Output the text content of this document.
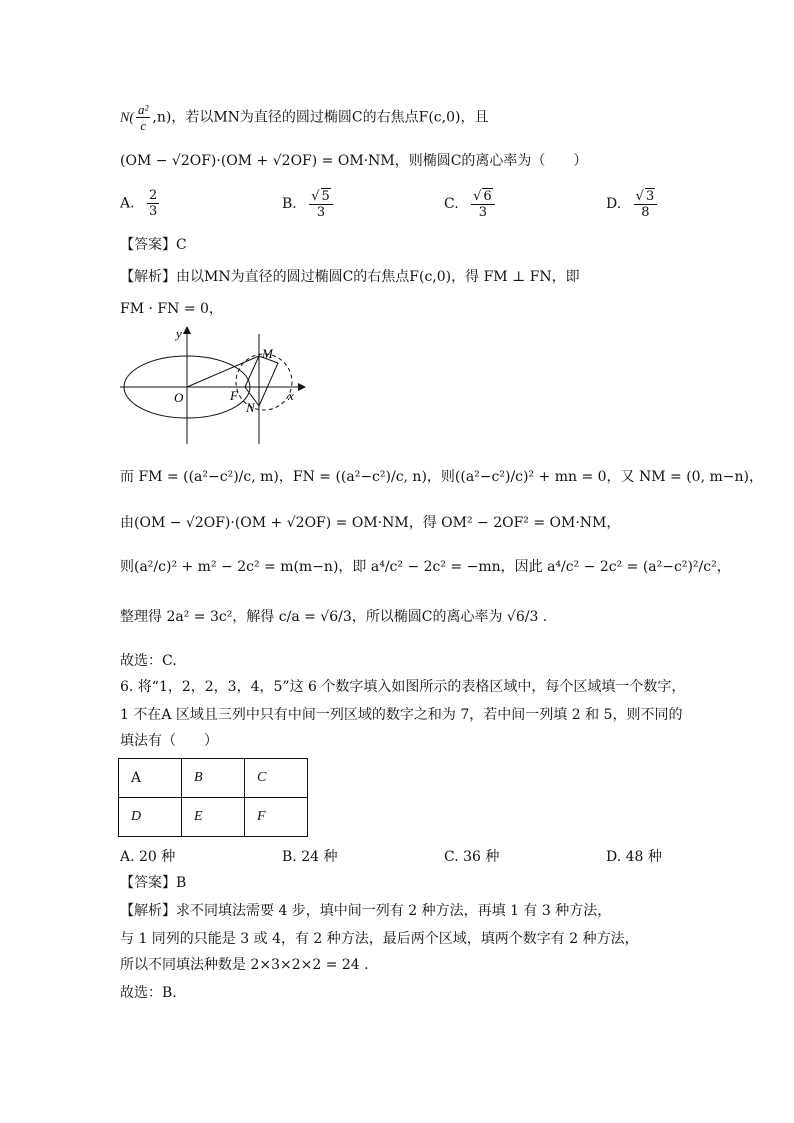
$N( \frac{\text{a²}}{c} ,n)$，若以MN为直径的圆过椭圆C的右焦点F(c,0)，且
(OM − √2OF)·(OM + √2OF) = OM·NM，则椭圆C的离心率为（　　）
A. $\frac{2}{3}$	B. $\frac{√ 5}{3}$	C. $\frac{√ 6}{3}$	D. $\frac{√ 3}{8}$
【答案】C
【解析】由以MN为直径的圆过椭圆C的右焦点F(c,0)，得 FM ⊥ FN，即
FM · FN = 0，
y
x
O	F
M
N
而 FM = ((a²−c²)/c, m)，FN = ((a²−c²)/c, n)，则((a²−c²)/c)² + mn = 0，又 NM = (0, m−n)，
由(OM − √2OF)·(OM + √2OF) = OM·NM，得 OM² − 2OF² = OM·NM，
则(a²/c)² + m² − 2c² = m(m−n)，即 a⁴/c² − 2c² = −mn，因此 a⁴/c² − 2c² = (a²−c²)²/c²，
整理得 2a² = 3c²，解得 c/a = √6/3，所以椭圆C的离心率为 √6/3 .
故选：C.
6. 将“1，2，2，3，4，5”这 6 个数字填入如图所示的表格区域中，每个区域填一个数字，
1 不在A 区域且三列中只有中间一列区域的数字之和为 7，若中间一列填 2 和 5，则不同的
填法有（　　）
A	B	C
D	E	F
A. 20 种	B. 24 种	C. 36 种	D. 48 种
【答案】B
【解析】求不同填法需要 4 步，填中间一列有 2 种方法，再填 1 有 3 种方法，
与 1 同列的只能是 3 或 4，有 2 种方法，最后两个区域，填两个数字有 2 种方法，
所以不同填法种数是 2×3×2×2 = 24 .
故选：B.
